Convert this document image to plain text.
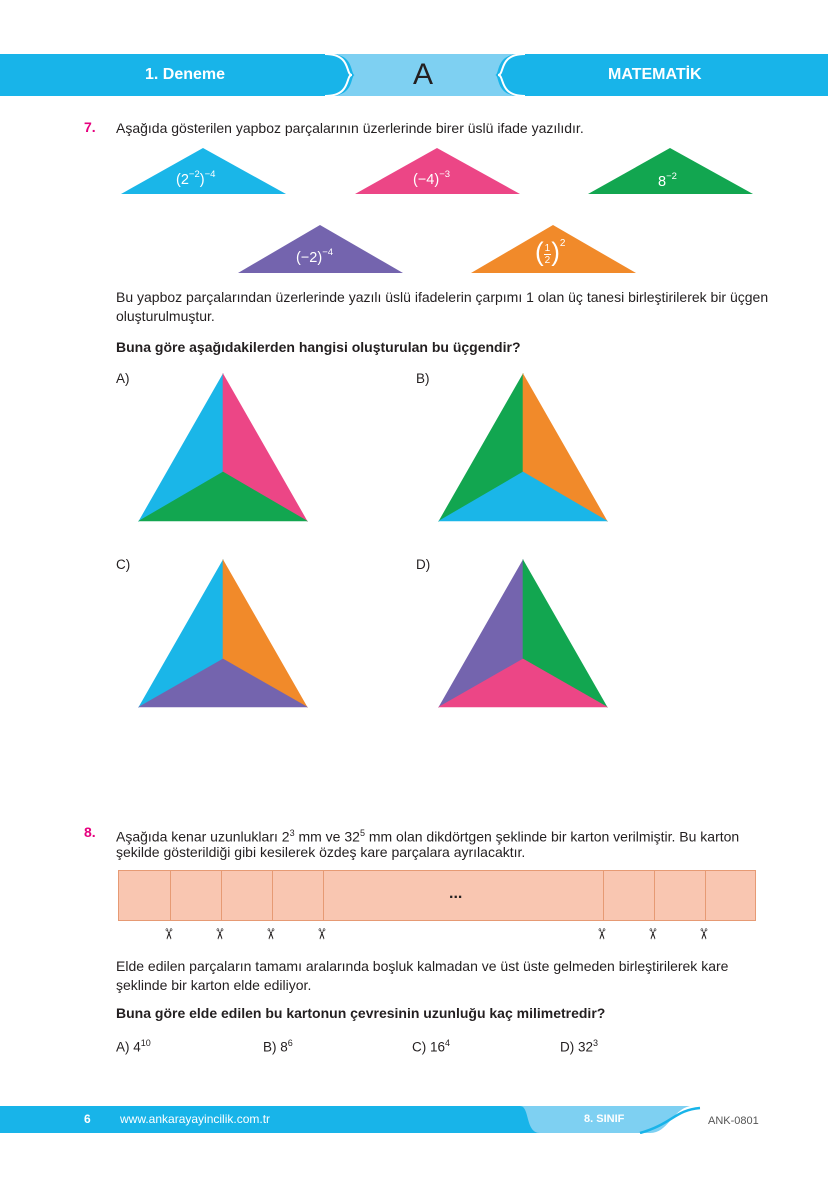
1. Deneme	A	MATEMATİK
7. Aşağıda gösterilen yapboz parçalarının üzerlerinde birer üslü ifade yazılıdır.
$(2^{-2})^{-4}$	$(-4)^{-3}$	$8^{-2}$
$(-2)^{-4}$	( $\frac{1}{2} )^2$
Bu yapboz parçalarından üzerlerinde yazılı üslü ifadelerin çarpımı 1 olan üç tanesi birleştirilerek bir üçgen oluşturulmuştur.
Buna göre aşağıdakilerden hangisi oluşturulan bu üçgendir?
A)	B)
C)	D)
8. Aşağıda kenar uzunlukları $2^3$ mm ve $32^5$ mm olan dikdörtgen şeklinde bir karton verilmiştir. Bu karton
şekilde gösterildiği gibi kesilerek özdeş kare parçalara ayrılacaktır.
...
✂ ✂ ✂ ✂	✂ ✂ ✂
Elde edilen parçaların tamamı aralarında boşluk kalmadan ve üst üste gelmeden birleştirilerek kare şeklinde bir karton elde ediliyor.
Buna göre elde edilen bu kartonun çevresinin uzunluğu kaç milimetredir?
A) $4^{10}$	B) $8^6$	C) $16^4$	D) $32^3$
6 www.ankarayayincilik.com.tr	8. SINIF	ANK-0801
